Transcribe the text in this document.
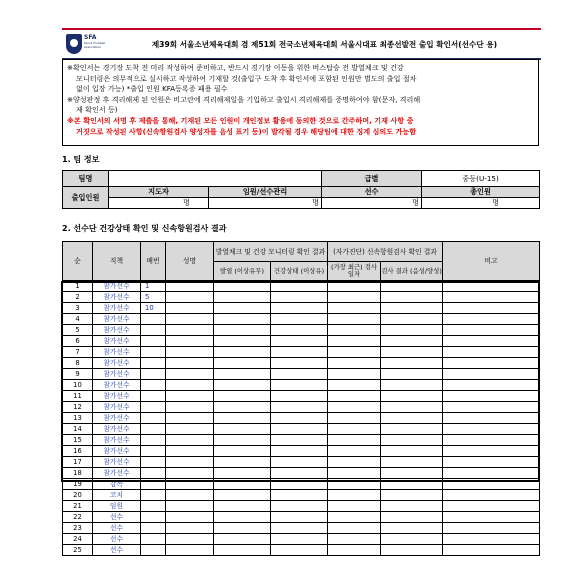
SFA
Seoul Football Association	제39회 서울소년체육대회 겸 제51회 전국소년체육대회 서울시대표 최종선발전 출입 확인서(선수단 용)

※확인서는 경기장 도착 전 미리 작성하여 준비하고, 반드시 경기장 이동을 위한 버스탑승 전 발열체크 및 건강

모니터링은 의무적으로 실시하고 작성하여 기재할 것(출입구 도착 후 확인서에 포함된 인원만 별도의 출입 절차

없이 입장 가능) *출입 인원 KFA등록증 패용 필수

※양성판정 후 격리해제 된 인원은 비고란에 격리해제일을 기입하고 출입시 격리해제를 증명하여야 함(문자, 격리해

제 확인서 등)

※본 확인서의 서명 후 제출을 통해, 기재된 모든 인원이 개인정보 활용에 동의한 것으로 간주하며, 기재 사항 중

거짓으로 작성된 사항(신속항원검사 양성자를 음성 표기 등)이 발각될 경우 해당팀에 대한 징계 심의도 가능함

1. 팀 정보
팀명			급별	중등(U-15)
출입인원	지도자	임원/선수관리	선수	총인원
	명	명	명	명
2. 선수단 건강상태 확인 및 신속항원검사 결과
순	직책	배번	성명	발열체크 및 건강 모니터링 확인 결과		(자가진단) 신속항원검사 확인 결과		비고
				발열 (이상유무)	건강상태 (이상유)	(가장 최근) 검사 일자	검사 결과 (음성/양성)	
1	참가선수	1						
2	참가선수	5						
3	참가선수	10						
4	참가선수							
5	참가선수							
6	참가선수							
7	참가선수							
8	참가선수							
9	참가선수							
10	참가선수							
11	참가선수							
12	참가선수							
13	참가선수							
14	참가선수							
15	참가선수							
16	참가선수							
17	참가선수							
18	참가선수							
19	감독							
20	코치							
21	임원							
22	선수							
23	선수							
24	선수							
25	선수							
